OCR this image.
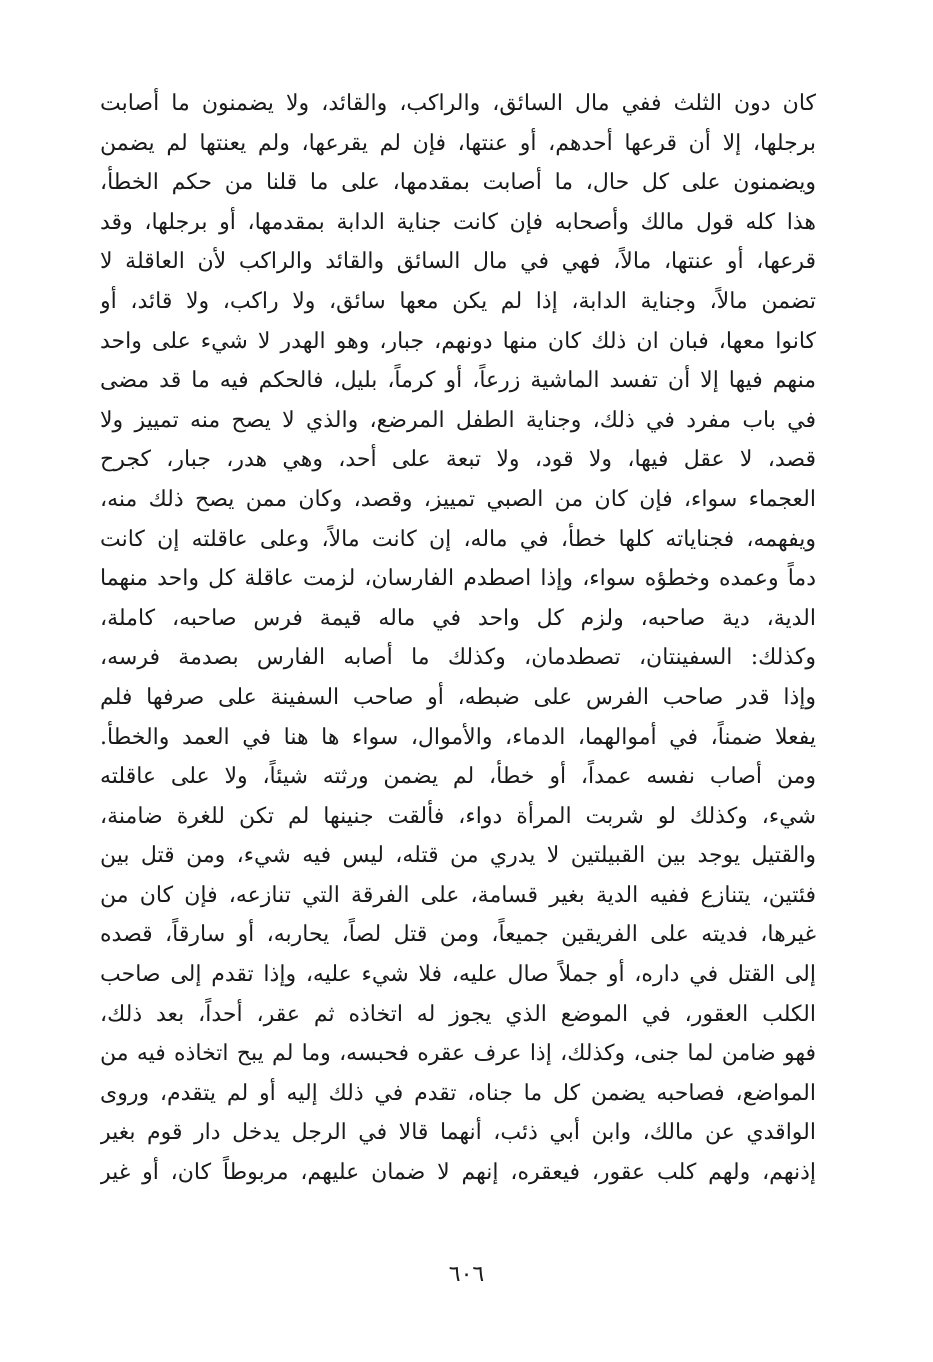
كان دون الثلث ففي مال السائق، والراكب، والقائد، ولا يضمنون ما أصابت
برجلها، إلا أن قرعها أحدهم، أو عنتها، فإن لم يقرعها، ولم يعنتها لم يضمن
ويضمنون على كل حال، ما أصابت بمقدمها، على ما قلنا من حكم الخطأ،
هذا كله قول مالك وأصحابه فإن كانت جناية الدابة بمقدمها، أو برجلها، وقد
قرعها، أو عنتها، مالاً، فهي في مال السائق والقائد والراكب لأن العاقلة لا
تضمن مالاً، وجناية الدابة، إذا لم يكن معها سائق، ولا راكب، ولا قائد، أو
كانوا معها، فبان ان ذلك كان منها دونهم، جبار، وهو الهدر لا شيء على واحد
منهم فيها إلا أن تفسد الماشية زرعاً، أو كرماً، بليل، فالحكم فيه ما قد مضى
في باب مفرد في ذلك، وجناية الطفل المرضع، والذي لا يصح منه تمييز ولا
قصد، لا عقل فيها، ولا قود، ولا تبعة على أحد، وهي هدر، جبار، كجرح
العجماء سواء، فإن كان من الصبي تمييز، وقصد، وكان ممن يصح ذلك منه،
ويفهمه، فجناياته كلها خطأ، في ماله، إن كانت مالاً، وعلى عاقلته إن كانت
دماً وعمده وخطؤه سواء، وإذا اصطدم الفارسان، لزمت عاقلة كل واحد منهما
الدية، دية صاحبه، ولزم كل واحد في ماله قيمة فرس صاحبه، كاملة،
وكذلك: السفينتان، تصطدمان، وكذلك ما أصابه الفارس بصدمة فرسه،
وإذا قدر صاحب الفرس على ضبطه، أو صاحب السفينة على صرفها فلم
يفعلا ضمناً، في أموالهما، الدماء، والأموال، سواء ها هنا في العمد والخطأ.
ومن أصاب نفسه عمداً، أو خطأ، لم يضمن ورثته شيئاً، ولا على عاقلته
شيء، وكذلك لو شربت المرأة دواء، فألقت جنينها لم تكن للغرة ضامنة،
والقتيل يوجد بين القبيلتين لا يدري من قتله، ليس فيه شيء، ومن قتل بين
فئتين، يتنازع ففيه الدية بغير قسامة، على الفرقة التي تنازعه، فإن كان من
غيرها، فديته على الفريقين جميعاً، ومن قتل لصاً، يحاربه، أو سارقاً، قصده
إلى القتل في داره، أو جملاً صال عليه، فلا شيء عليه، وإذا تقدم إلى صاحب
الكلب العقور، في الموضع الذي يجوز له اتخاذه ثم عقر، أحداً، بعد ذلك،
فهو ضامن لما جنى، وكذلك، إذا عرف عقره فحبسه، وما لم يبح اتخاذه فيه من
المواضع، فصاحبه يضمن كل ما جناه، تقدم في ذلك إليه أو لم يتقدم، وروى
الواقدي عن مالك، وابن أبي ذئب، أنهما قالا في الرجل يدخل دار قوم بغير
إذنهم، ولهم كلب عقور، فيعقره، إنهم لا ضمان عليهم، مربوطاً كان، أو غير
٦٠٦
